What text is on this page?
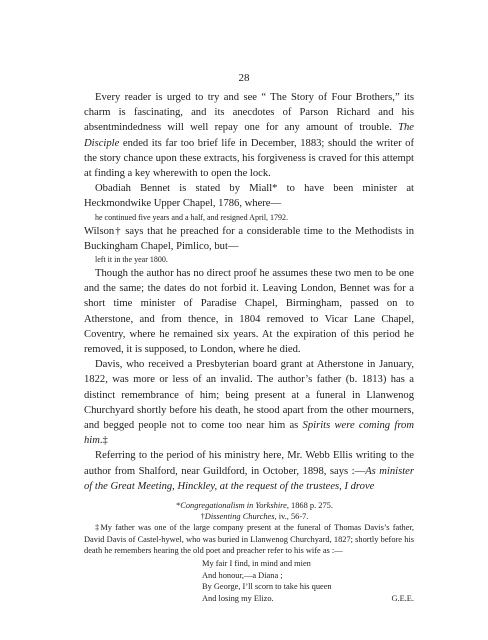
28

Every reader is urged to try and see “ The Story of Four Brothers,” its charm is fascinating, and its anecdotes of Parson Richard and his absentmindedness will well repay one for any amount of trouble. The Disciple ended its far too brief life in December, 1883; should the writer of the story chance upon these extracts, his forgiveness is craved for this attempt at finding a key wherewith to open the lock.

Obadiah Bennet is stated by Miall* to have been minister at Heckmondwike Upper Chapel, 1786, where—

he continued five years and a half, and resigned April, 1792.

Wilson† says that he preached for a considerable time to the Methodists in Buckingham Chapel, Pimlico, but—

left it in the year 1800.

Though the author has no direct proof he assumes these two men to be one and the same; the dates do not forbid it. Leaving London, Bennet was for a short time minister of Paradise Chapel, Birmingham, passed on to Atherstone, and from thence, in 1804 removed to Vicar Lane Chapel, Coventry, where he remained six years. At the expiration of this period he removed, it is supposed, to London, where he died.

Davis, who received a Presbyterian board grant at Atherstone in January, 1822, was more or less of an invalid. The author’s father (b. 1813) has a distinct remembrance of him; being present at a funeral in Llanwenog Churchyard shortly before his death, he stood apart from the other mourners, and begged people not to come too near him as Spirits were coming from him.‡

Referring to the period of his ministry here, Mr. Webb Ellis writing to the author from Shalford, near Guildford, in October, 1898, says :—As minister of the Great Meeting, Hinckley, at the request of the trustees, I drove

*Congregationalism in Yorkshire, 1868 p. 275.

†Dissenting Churches, iv., 56-7.

‡My father was one of the large company present at the funeral of Thomas Davis’s father, David Davis of Castel-hywel, who was buried in Llanwenog Churchyard, 1827; shortly before his death he remembers hearing the old poet and preacher refer to his wife as :—

My fair I find, in mind and mien
And honour,—a Diana ;
By George, I’ll scorn to take his queen
And losing my Elizo.	G.E.E.
